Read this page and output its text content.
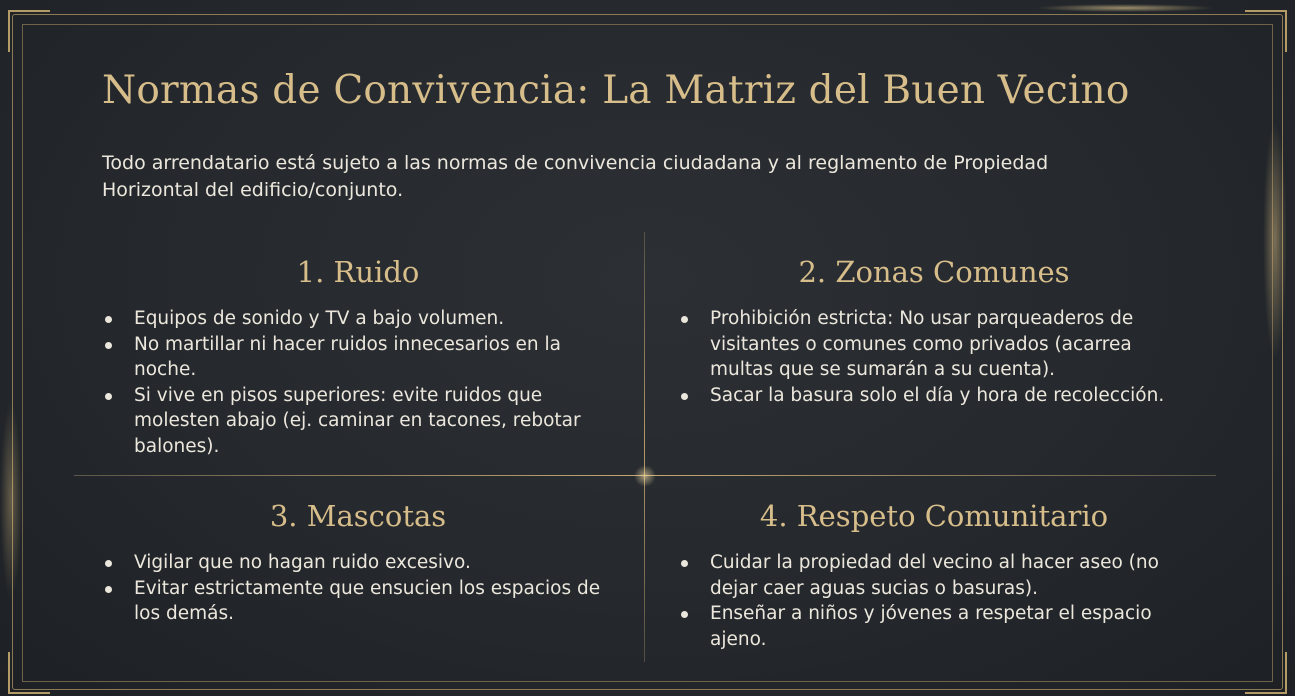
Normas de Convivencia: La Matriz del Buen Vecino

Todo arrendatario está sujeto a las normas de convivencia ciudadana y al reglamento de Propiedad Horizontal del edificio/conjunto.

1. Ruido
Equipos de sonido y TV a bajo volumen.
No martillar ni hacer ruidos innecesarios en la noche.
Si vive en pisos superiores: evite ruidos que molesten abajo (ej. caminar en tacones, rebotar balones).
2. Zonas Comunes
Prohibición estricta: No usar parqueaderos de visitantes o comunes como privados (acarrea multas que se sumarán a su cuenta).
Sacar la basura solo el día y hora de recolección.
3. Mascotas
Vigilar que no hagan ruido excesivo.
Evitar estrictamente que ensucien los espacios de los demás.
4. Respeto Comunitario
Cuidar la propiedad del vecino al hacer aseo (no dejar caer aguas sucias o basuras).
Enseñar a niños y jóvenes a respetar el espacio ajeno.
